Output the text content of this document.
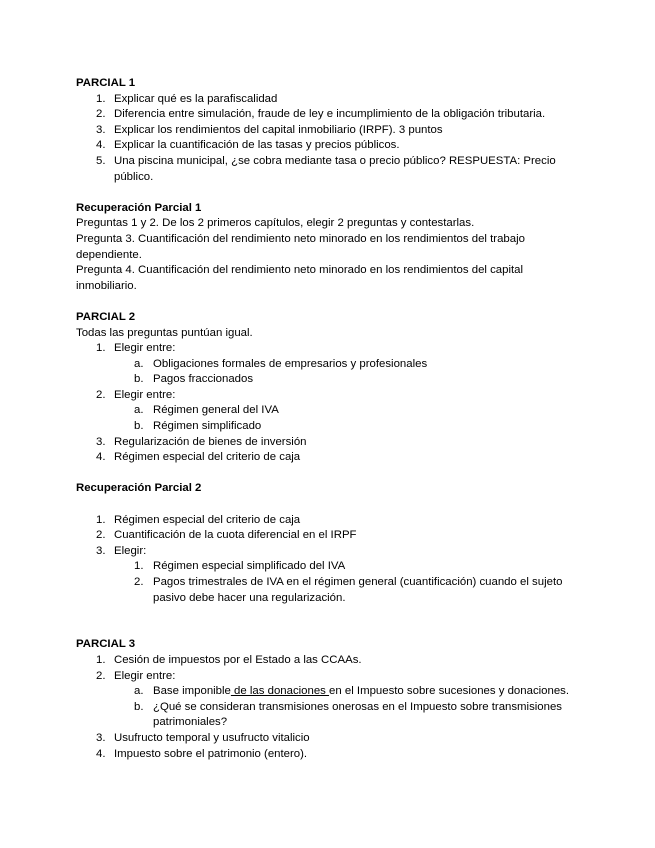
PARCIAL 1

1. Explicar qué es la parafiscalidad
2. Diferencia entre simulación, fraude de ley e incumplimiento de la obligación tributaria.
3. Explicar los rendimientos del capital inmobiliario (IRPF). 3 puntos
4. Explicar la cuantificación de las tasas y precios públicos.
5. Una piscina municipal, ¿se cobra mediante tasa o precio público? RESPUESTA: Precio público.

Recuperación Parcial 1

Preguntas 1 y 2. De los 2 primeros capítulos, elegir 2 preguntas y contestarlas.

Pregunta 3. Cuantificación del rendimiento neto minorado en los rendimientos del trabajo dependiente.

Pregunta 4. Cuantificación del rendimiento neto minorado en los rendimientos del capital inmobiliario.

PARCIAL 2

Todas las preguntas puntúan igual.

1. Elegir entre:
a. Obligaciones formales de empresarios y profesionales
b. Pagos fraccionados
2. Elegir entre:
a. Régimen general del IVA
b. Régimen simplificado
3. Regularización de bienes de inversión
4. Régimen especial del criterio de caja

Recuperación Parcial 2

1. Régimen especial del criterio de caja
2. Cuantificación de la cuota diferencial en el IRPF
3. Elegir:
1. Régimen especial simplificado del IVA
2. Pagos trimestrales de IVA en el régimen general (cuantificación) cuando el sujeto pasivo debe hacer una regularización.

PARCIAL 3

1. Cesión de impuestos por el Estado a las CCAAs.
2. Elegir entre:
a. Base imponible de las donaciones en el Impuesto sobre sucesiones y donaciones.
b. ¿Qué se consideran transmisiones onerosas en el Impuesto sobre transmisiones patrimoniales?
3. Usufructo temporal y usufructo vitalicio
4. Impuesto sobre el patrimonio (entero).
